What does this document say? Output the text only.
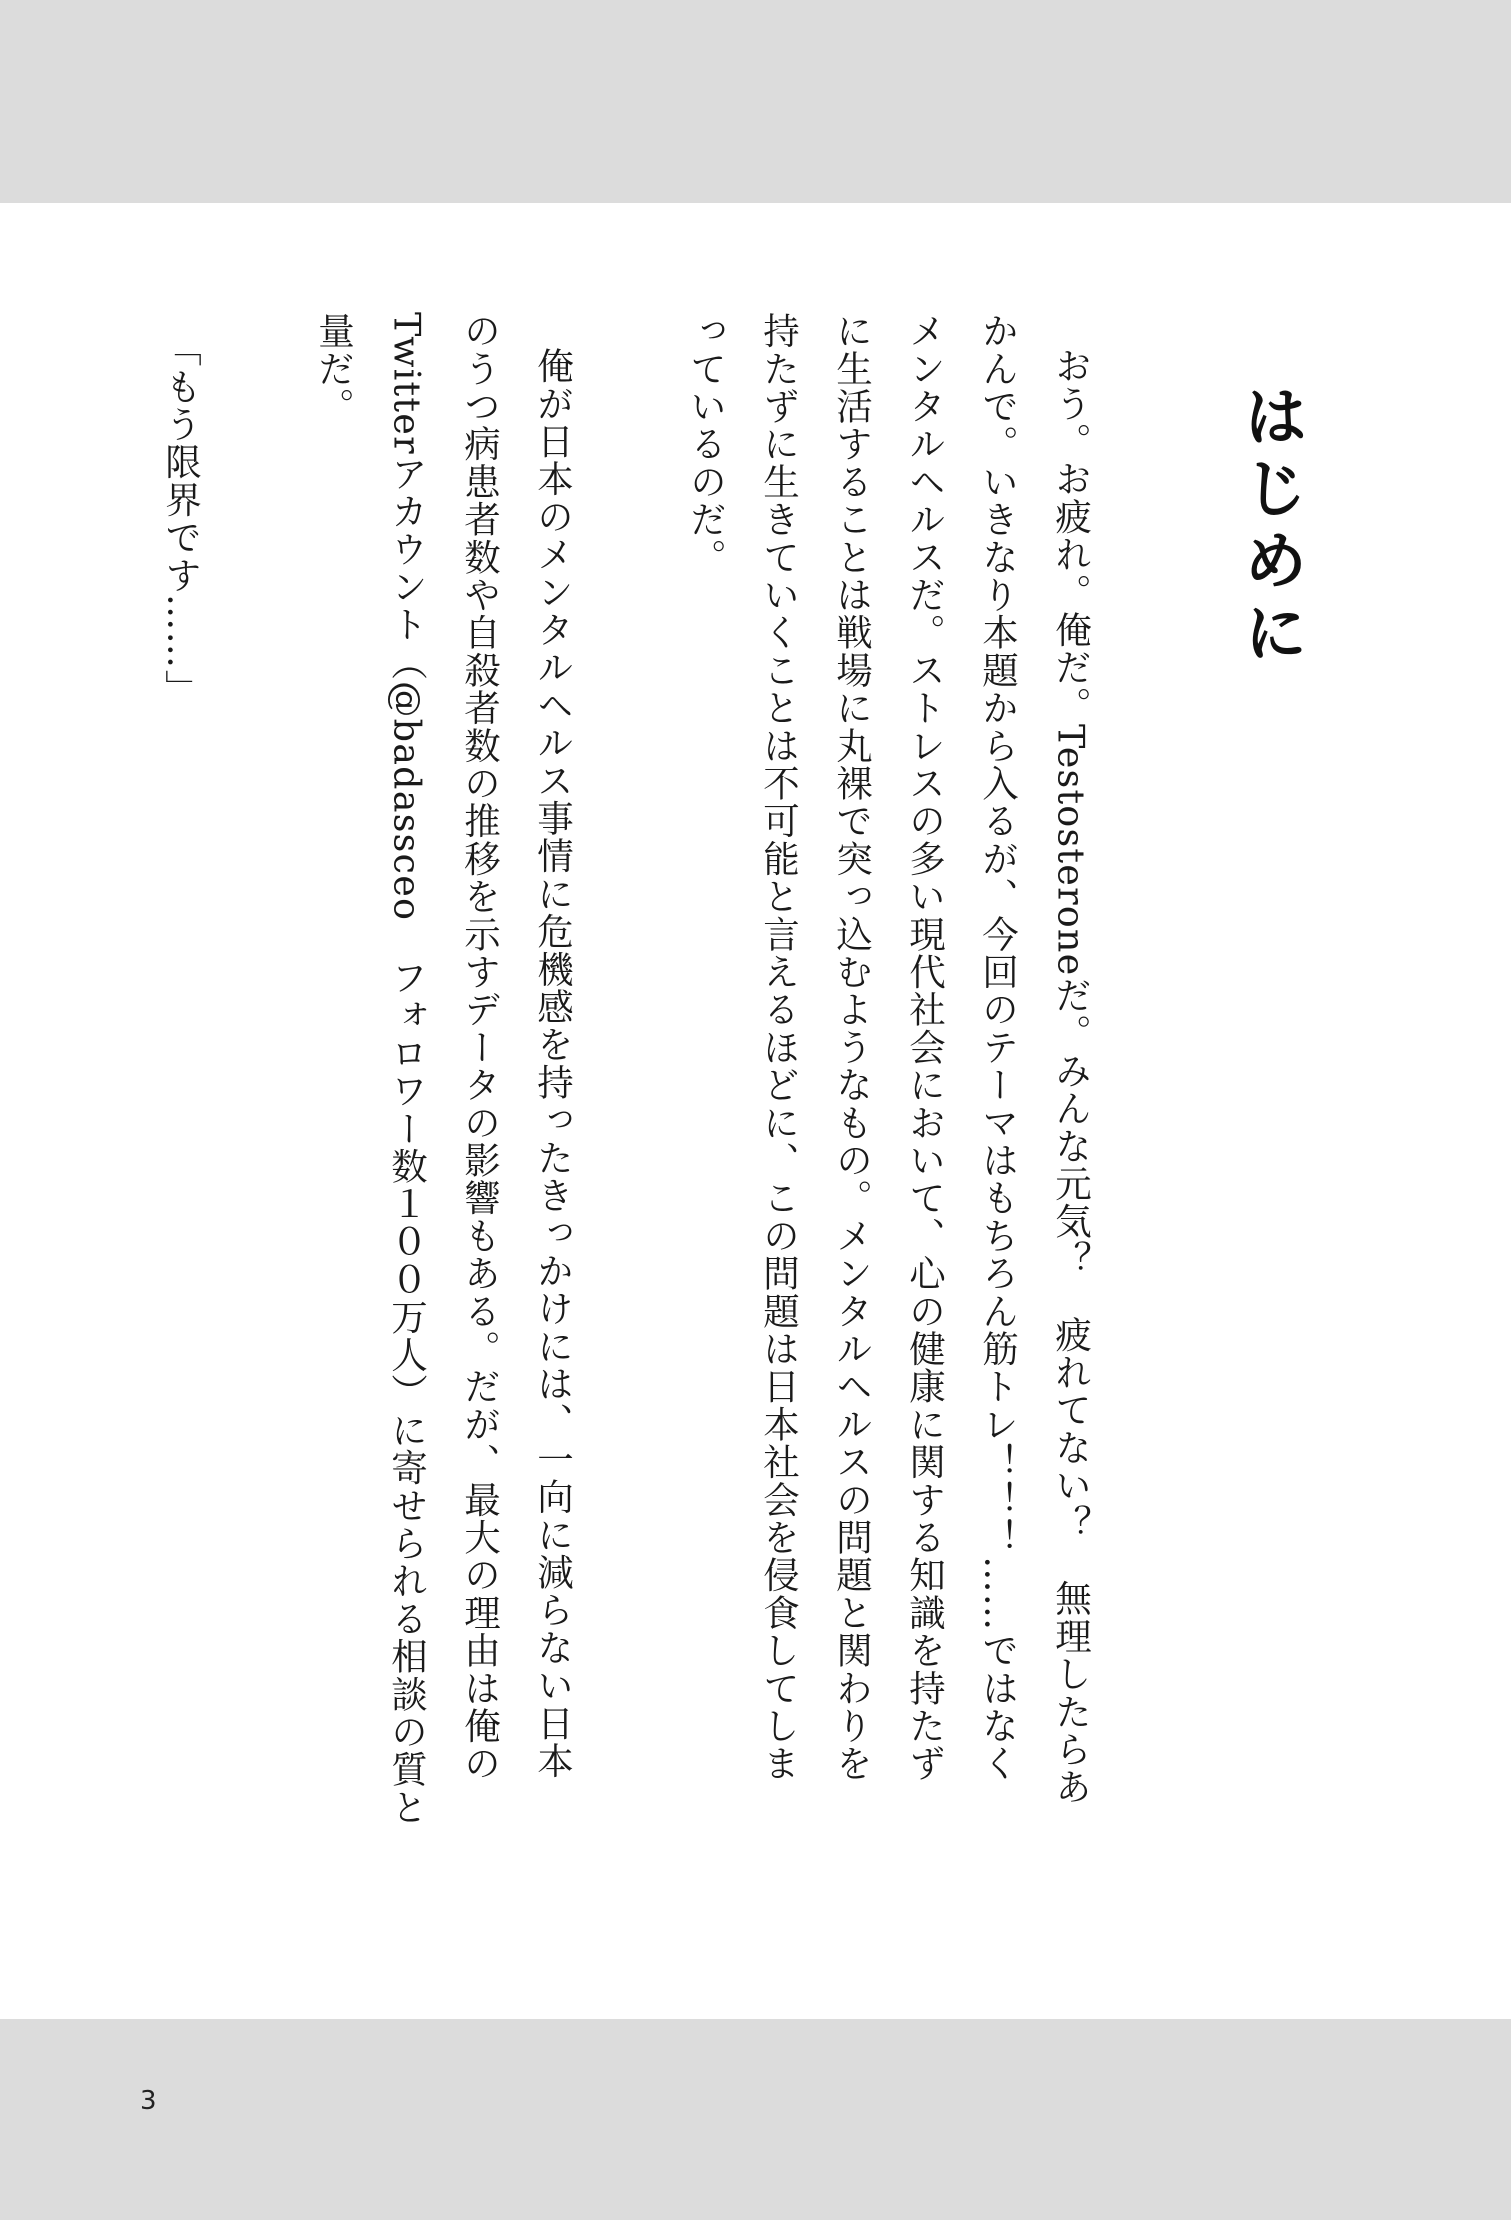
はじめに
おう。お疲れ。俺だ。Testosteroneだ。みんな元気？　疲れてない？　無理したらあ
かんで。いきなり本題から入るが、今回のテーマはもちろん筋トレ！！！……ではなく
メンタルヘルスだ。ストレスの多い現代社会において、心の健康に関する知識を持たず
に生活することは戦場に丸裸で突っ込むようなもの。メンタルヘルスの問題と関わりを
持たずに生きていくことは不可能と言えるほどに、この問題は日本社会を侵食してしま
っているのだ。
俺が日本のメンタルヘルス事情に危機感を持ったきっかけには、一向に減らない日本
のうつ病患者数や自殺者数の推移を示すデータの影響もある。だが、最大の理由は俺の
Twitterアカウント（@badassceo　フォロワー数１００万人）に寄せられる相談の質と
量だ。
「もう限界です……」
3
